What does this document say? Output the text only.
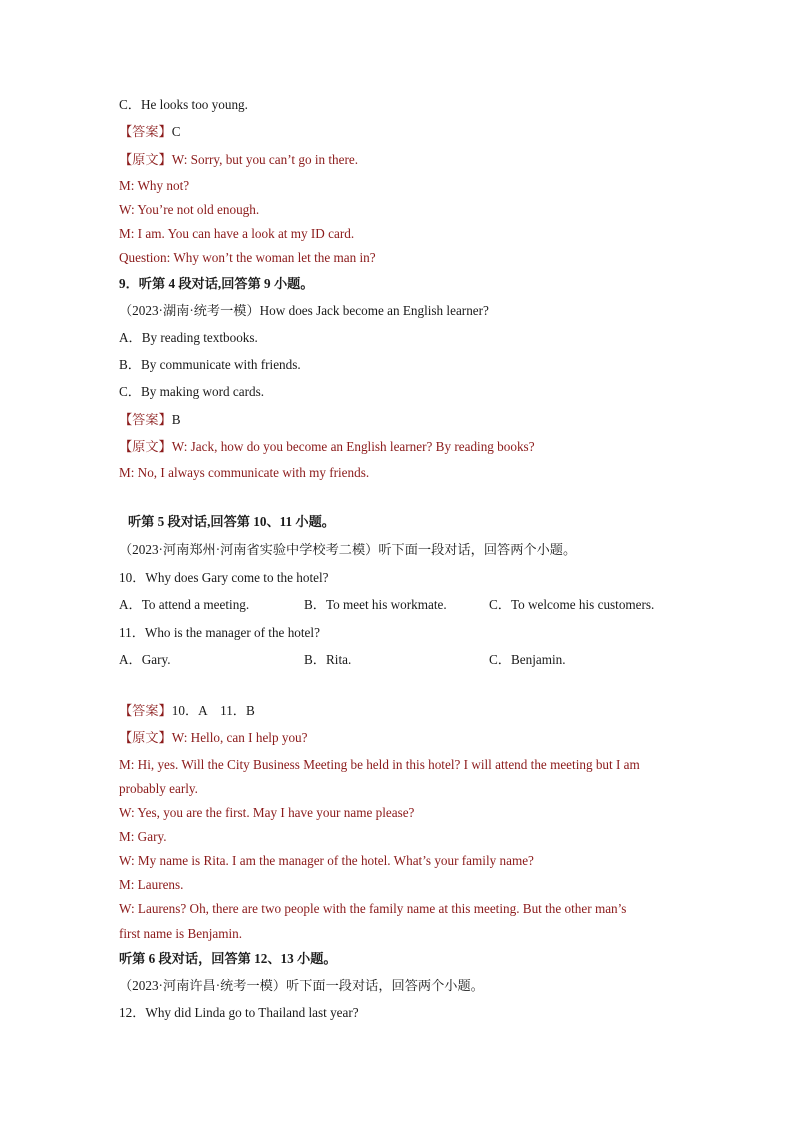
C．He looks too young.
【答案】C
【原文】W: Sorry, but you can’t go in there.
M: Why not?
W: You’re not old enough.
M: I am. You can have a look at my ID card.
Question: Why won’t the woman let the man in?
9．听第 4 段对话,回答第 9 小题。
（2023·湖南·统考一模）How does Jack become an English learner?
A．By reading textbooks.
B．By communicate with friends.
C．By making word cards.
【答案】B
【原文】W: Jack, how do you become an English learner? By reading books?
M: No, I always communicate with my friends.
听第 5 段对话,回答第 10、11 小题。
（2023·河南郑州·河南省实验中学校考二模）听下面一段对话，回答两个小题。
10．Why does Gary come to the hotel?
A．To attend a meeting.	B．To meet his workmate.	C．To welcome his customers.
11．Who is the manager of the hotel?
A．Gary.	B．Rita.	C．Benjamin.
【答案】10．A　11．B
【原文】W: Hello, can I help you?
M: Hi, yes. Will the City Business Meeting be held in this hotel? I will attend the meeting but I am
probably early.
W: Yes, you are the first. May I have your name please?
M: Gary.
W: My name is Rita. I am the manager of the hotel. What’s your family name?
M: Laurens.
W: Laurens? Oh, there are two people with the family name at this meeting. But the other man’s
first name is Benjamin.
听第 6 段对话，回答第 12、13 小题。
（2023·河南许昌·统考一模）听下面一段对话，回答两个小题。
12．Why did Linda go to Thailand last year?
